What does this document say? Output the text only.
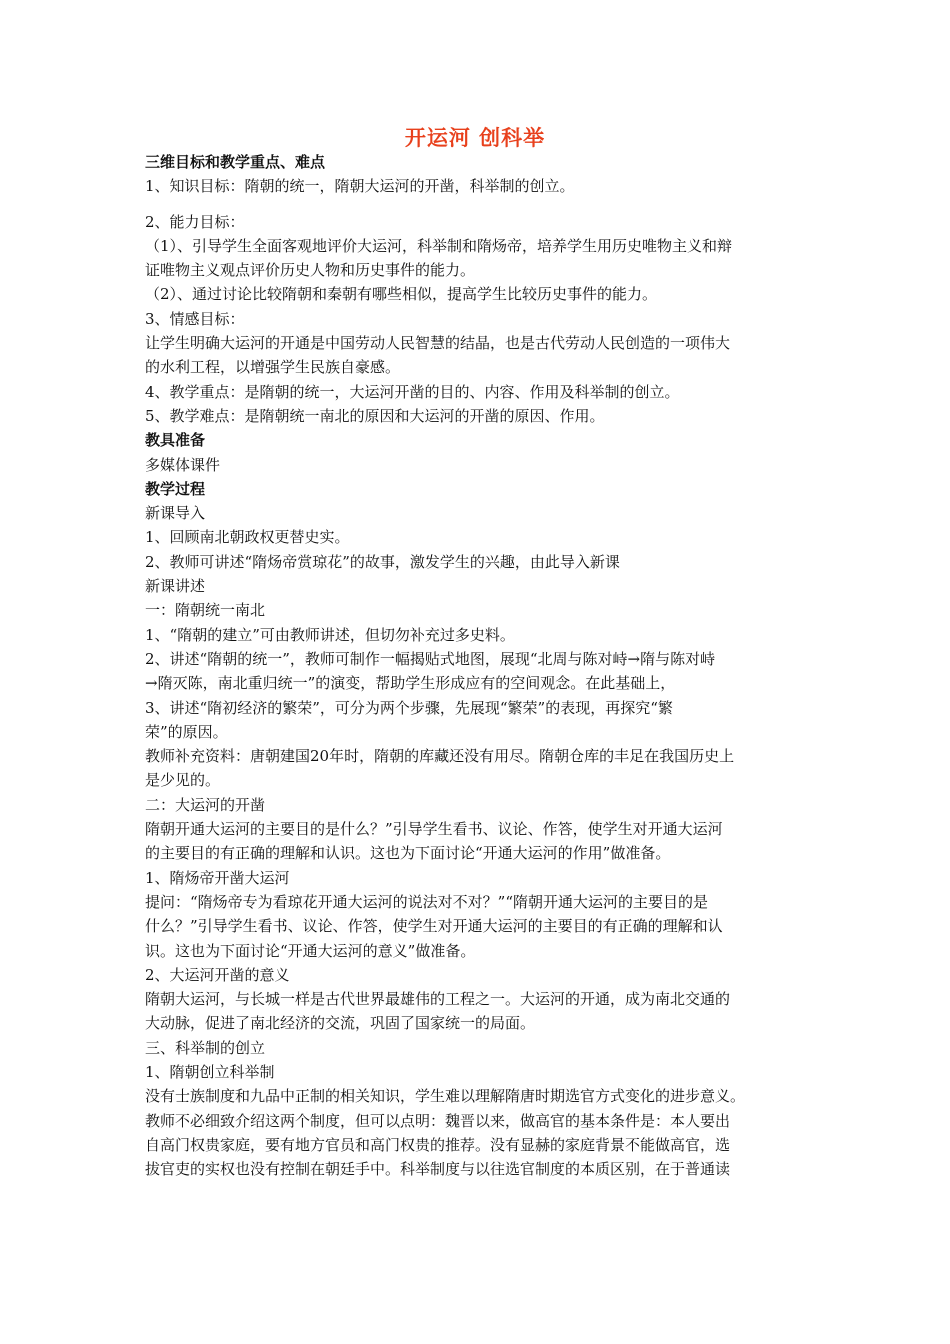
开运河 创科举
三维目标和教学重点、难点
1、知识目标：隋朝的统一，隋朝大运河的开凿，科举制的创立。
2、能力目标：
（1）、引导学生全面客观地评价大运河，科举制和隋炀帝，培养学生用历史唯物主义和辩
证唯物主义观点评价历史人物和历史事件的能力。
（2）、通过讨论比较隋朝和秦朝有哪些相似，提高学生比较历史事件的能力。
3、情感目标：
让学生明确大运河的开通是中国劳动人民智慧的结晶，也是古代劳动人民创造的一项伟大
的水利工程，以增强学生民族自豪感。
4、教学重点：是隋朝的统一，大运河开凿的目的、内容、作用及科举制的创立。
5、教学难点：是隋朝统一南北的原因和大运河的开凿的原因、作用。
教具准备
多媒体课件
教学过程
新课导入
1、回顾南北朝政权更替史实。
2、教师可讲述“隋炀帝赏琼花”的故事，激发学生的兴趣，由此导入新课
新课讲述
一：隋朝统一南北
1、“隋朝的建立”可由教师讲述，但切勿补充过多史料。
2、讲述“隋朝的统一”，教师可制作一幅揭贴式地图，展现“北周与陈对峙→隋与陈对峙
→隋灭陈，南北重归统一”的演变，帮助学生形成应有的空间观念。在此基础上，
3、讲述“隋初经济的繁荣”，可分为两个步骤，先展现“繁荣”的表现，再探究“繁
荣”的原因。
教师补充资料：唐朝建国20年时，隋朝的库藏还没有用尽。隋朝仓库的丰足在我国历史上
是少见的。
二：大运河的开凿
隋朝开通大运河的主要目的是什么？”引导学生看书、议论、作答，使学生对开通大运河
的主要目的有正确的理解和认识。这也为下面讨论“开通大运河的作用”做准备。
1、隋炀帝开凿大运河
提问：“隋炀帝专为看琼花开通大运河的说法对不对？”“隋朝开通大运河的主要目的是
什么？”引导学生看书、议论、作答，使学生对开通大运河的主要目的有正确的理解和认
识。这也为下面讨论“开通大运河的意义”做准备。
2、大运河开凿的意义
隋朝大运河，与长城一样是古代世界最雄伟的工程之一。大运河的开通，成为南北交通的
大动脉，促进了南北经济的交流，巩固了国家统一的局面。
三、科举制的创立
1、隋朝创立科举制
没有士族制度和九品中正制的相关知识，学生难以理解隋唐时期选官方式变化的进步意义。
教师不必细致介绍这两个制度，但可以点明：魏晋以来，做高官的基本条件是：本人要出
自高门权贵家庭，要有地方官员和高门权贵的推荐。没有显赫的家庭背景不能做高官，选
拔官吏的实权也没有控制在朝廷手中。科举制度与以往选官制度的本质区别，在于普通读
